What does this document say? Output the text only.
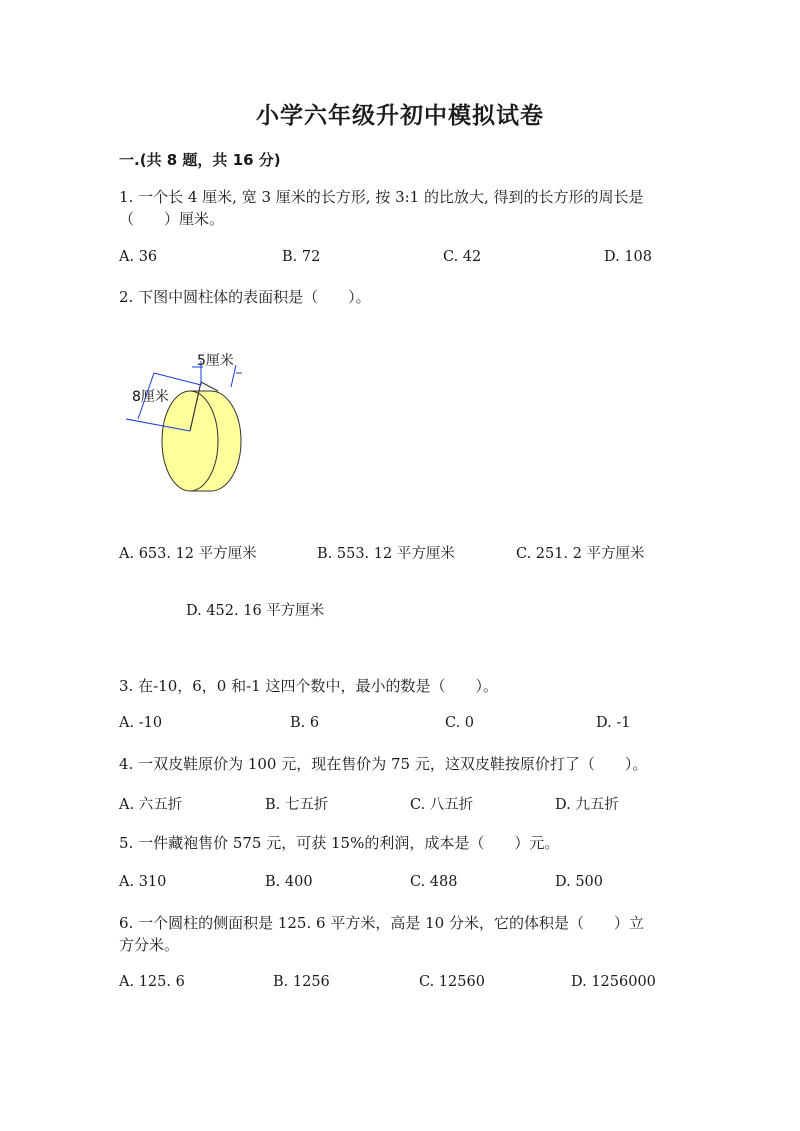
小学六年级升初中模拟试卷
一.(共 8 题，共 16 分)
1. 一个长 4 厘米, 宽 3 厘米的长方形, 按 3:1 的比放大, 得到的长方形的周长是
（　　）厘米。
A. 36	B. 72	C. 42	D. 108
2. 下图中圆柱体的表面积是（　　）。
5厘米
8厘米
A. 653. 12 平方厘米	B. 553. 12 平方厘米	C. 251. 2 平方厘米
D. 452. 16 平方厘米
3. 在-10，6，0 和-1 这四个数中，最小的数是（　　）。
A. -10	B. 6	C. 0	D. -1
4. 一双皮鞋原价为 100 元，现在售价为 75 元，这双皮鞋按原价打了（　　）。
A. 六五折	B. 七五折	C. 八五折	D. 九五折
5. 一件藏袍售价 575 元，可获 15%的利润，成本是（　　）元。
A. 310	B. 400	C. 488	D. 500
6. 一个圆柱的侧面积是 125. 6 平方米，高是 10 分米，它的体积是（　　）立
方分米。
A. 125. 6	B. 1256	C. 12560	D. 1256000
